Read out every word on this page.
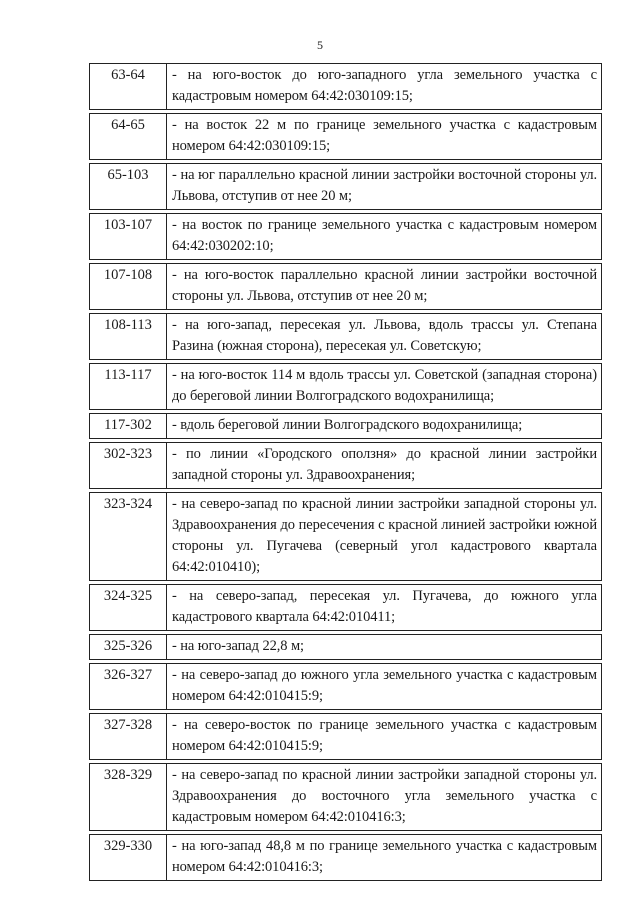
5
63-64	- на юго-восток до юго-западного угла земельного участка с кадастровым номером 64:42:030109:15;

64-65	- на восток 22 м по границе земельного участка с кадастровым номером 64:42:030109:15;

65-103	- на юг параллельно красной линии застройки восточной стороны ул. Львова, отступив от нее 20 м;

103-107	- на восток по границе земельного участка с кадастровым номером 64:42:030202:10;

107-108	- на юго-восток параллельно красной линии застройки восточной стороны ул. Львова, отступив от нее 20 м;

108-113	- на юго-запад, пересекая ул. Львова, вдоль трассы ул. Степана Разина (южная сторона), пересекая ул. Советскую;

113-117	- на юго-восток 114 м вдоль трассы ул. Советской (западная сторона) до береговой линии Волгоградского водохранилища;

117-302	- вдоль береговой линии Волгоградского водохранилища;

302-323	- по линии «Городского оползня» до красной линии застройки западной стороны ул. Здравоохранения;

323-324	- на северо-запад по красной линии застройки западной стороны ул. Здравоохранения до пересечения с красной линией застройки южной стороны ул. Пугачева (северный угол кадастрового квартала 64:42:010410);

324-325	- на северо-запад, пересекая ул. Пугачева, до южного угла кадастрового квартала 64:42:010411;

325-326	- на юго-запад 22,8 м;

326-327	- на северо-запад до южного угла земельного участка с кадастровым номером 64:42:010415:9;

327-328	- на северо-восток по границе земельного участка с кадастровым номером 64:42:010415:9;

328-329	- на северо-запад по красной линии застройки западной стороны ул. Здравоохранения до восточного угла земельного участка с кадастровым номером 64:42:010416:3;

329-330	- на юго-запад 48,8 м по границе земельного участка с кадастровым номером 64:42:010416:3;
